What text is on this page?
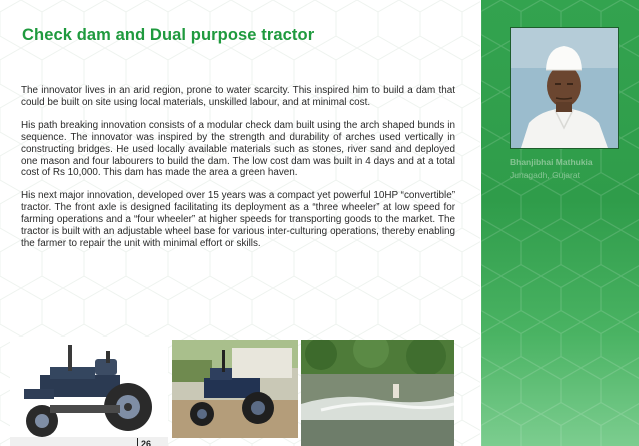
Check dam and Dual purpose tractor

The innovator lives in an arid region, prone to water scarcity. This inspired him to build a dam that could be built on site using local materials, unskilled labour, and at minimal cost.

His path breaking innovation consists of a modular check dam built using the arch shaped bunds in sequence. The innovator was inspired by the strength and durability of arches used vertically in constructing bridges. He used locally available materials such as stones, river sand and deployed one mason and four labourers to build the dam. The low cost dam was built in 4 days and at a total cost of Rs 10,000. This dam has made the area a green haven.

His next major innovation, developed over 15 years was a compact yet powerful 10HP “convertible” tractor. The front axle is designed facilitating its deployment as a “three wheeler” at low speed for farming operations and a “four wheeler” at higher speeds for transporting goods to the market. The tractor is built with an adjustable wheel base for various inter-culturing operations, thereby enabling the farmer to repair the unit with minimal effort or skills.

Bhanjibhai Mathukia
Junagadh, Gujarat
26
